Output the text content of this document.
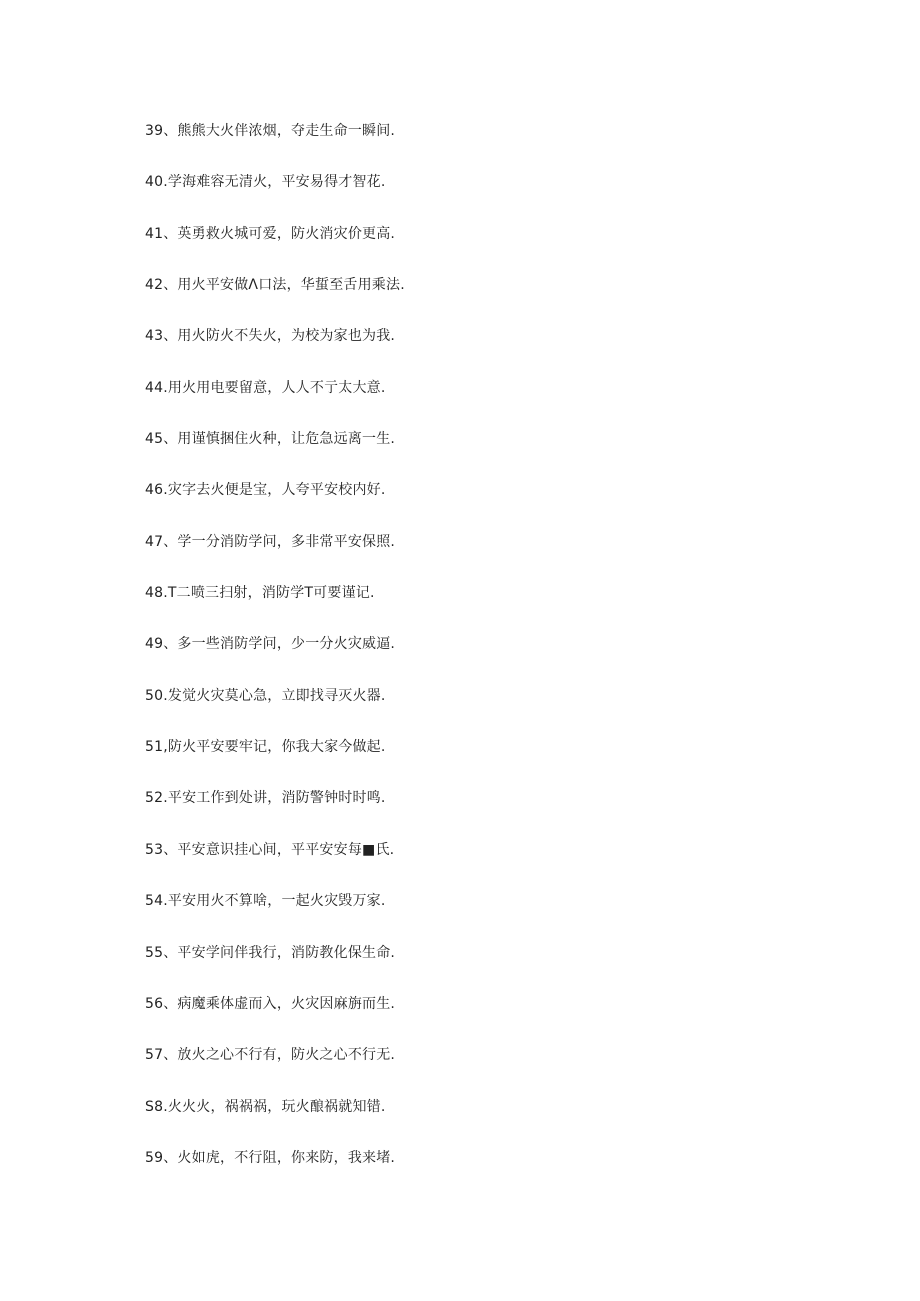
39、熊熊大火伴浓烟，夺走生命一瞬间.
40.学海难容无清火，平安易得才智花.
41、英勇救火城可爱，防火消灾价更高.
42、用火平安做Λ口法，华蜇至舌用乘法.
43、用火防火不失火，为校为家也为我.
44.用火用电要留意，人人不亍太大意.
45、用谨慎捆住火种，让危急远离一生.
46.灾字去火便是宝，人夸平安校内好.
47、学一分消防学问，多非常平安保照.
48.T二喷三扫射，消防学T可要谨记.
49、多一些消防学问，少一分火灾威逼.
50.发觉火灾莫心急，立即找寻灭火器.
51,防火平安要牢记，你我大家今做起.
52.平安工作到处讲，消防警钟时时鸣.
53、平安意识挂心间，平平安安每■氏.
54.平安用火不算啥，一起火灾毁万家.
55、平安学问伴我行，消防教化保生命.
56、病魔乘体虚而入，火灾因麻旃而生.
57、放火之心不行有，防火之心不行无.
S8.火火火，祸祸祸，玩火酿祸就知错.
59、火如虎，不行阻，你来防，我来堵.
